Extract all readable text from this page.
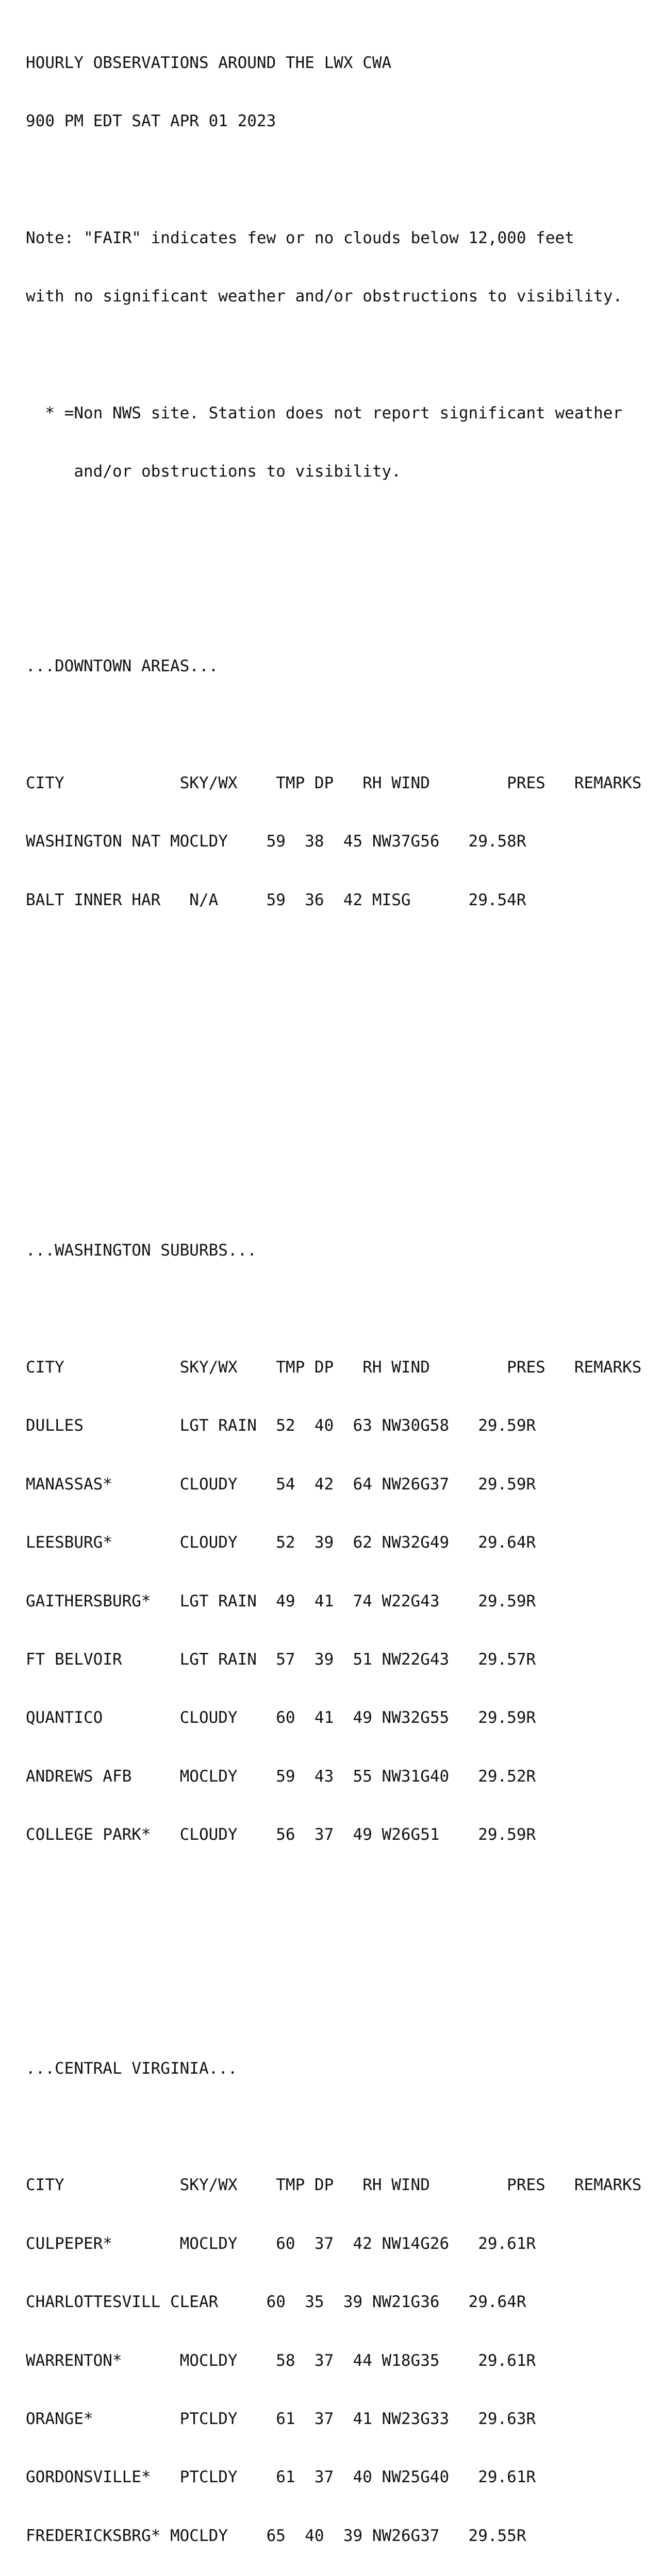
HOURLY OBSERVATIONS AROUND THE LWX CWA

900 PM EDT SAT APR 01 2023

Note: "FAIR" indicates few or no clouds below 12,000 feet

with no significant weather and/or obstructions to visibility.

* =Non NWS site. Station does not report significant weather

and/or obstructions to visibility.

...DOWNTOWN AREAS...

CITY            SKY/WX    TMP DP   RH WIND        PRES   REMARKS

WASHINGTON NAT MOCLDY    59  38  45 NW37G56   29.58R

BALT INNER HAR   N/A     59  36  42 MISG      29.54R

...WASHINGTON SUBURBS...

CITY            SKY/WX    TMP DP   RH WIND        PRES   REMARKS

DULLES          LGT RAIN  52  40  63 NW30G58   29.59R

MANASSAS*       CLOUDY    54  42  64 NW26G37   29.59R

LEESBURG*       CLOUDY    52  39  62 NW32G49   29.64R

GAITHERSBURG*   LGT RAIN  49  41  74 W22G43    29.59R

FT BELVOIR      LGT RAIN  57  39  51 NW22G43   29.57R

QUANTICO        CLOUDY    60  41  49 NW32G55   29.59R

ANDREWS AFB     MOCLDY    59  43  55 NW31G40   29.52R

COLLEGE PARK*   CLOUDY    56  37  49 W26G51    29.59R

...CENTRAL VIRGINIA...

CITY            SKY/WX    TMP DP   RH WIND        PRES   REMARKS

CULPEPER*       MOCLDY    60  37  42 NW14G26   29.61R

CHARLOTTESVILL CLEAR     60  35  39 NW21G36   29.64R

WARRENTON*      MOCLDY    58  37  44 W18G35    29.61R

ORANGE*         PTCLDY    61  37  41 NW23G33   29.63R

GORDONSVILLE*   PTCLDY    61  37  40 NW25G40   29.61R

FREDERICKSBRG* MOCLDY    65  40  39 NW26G37   29.55R
